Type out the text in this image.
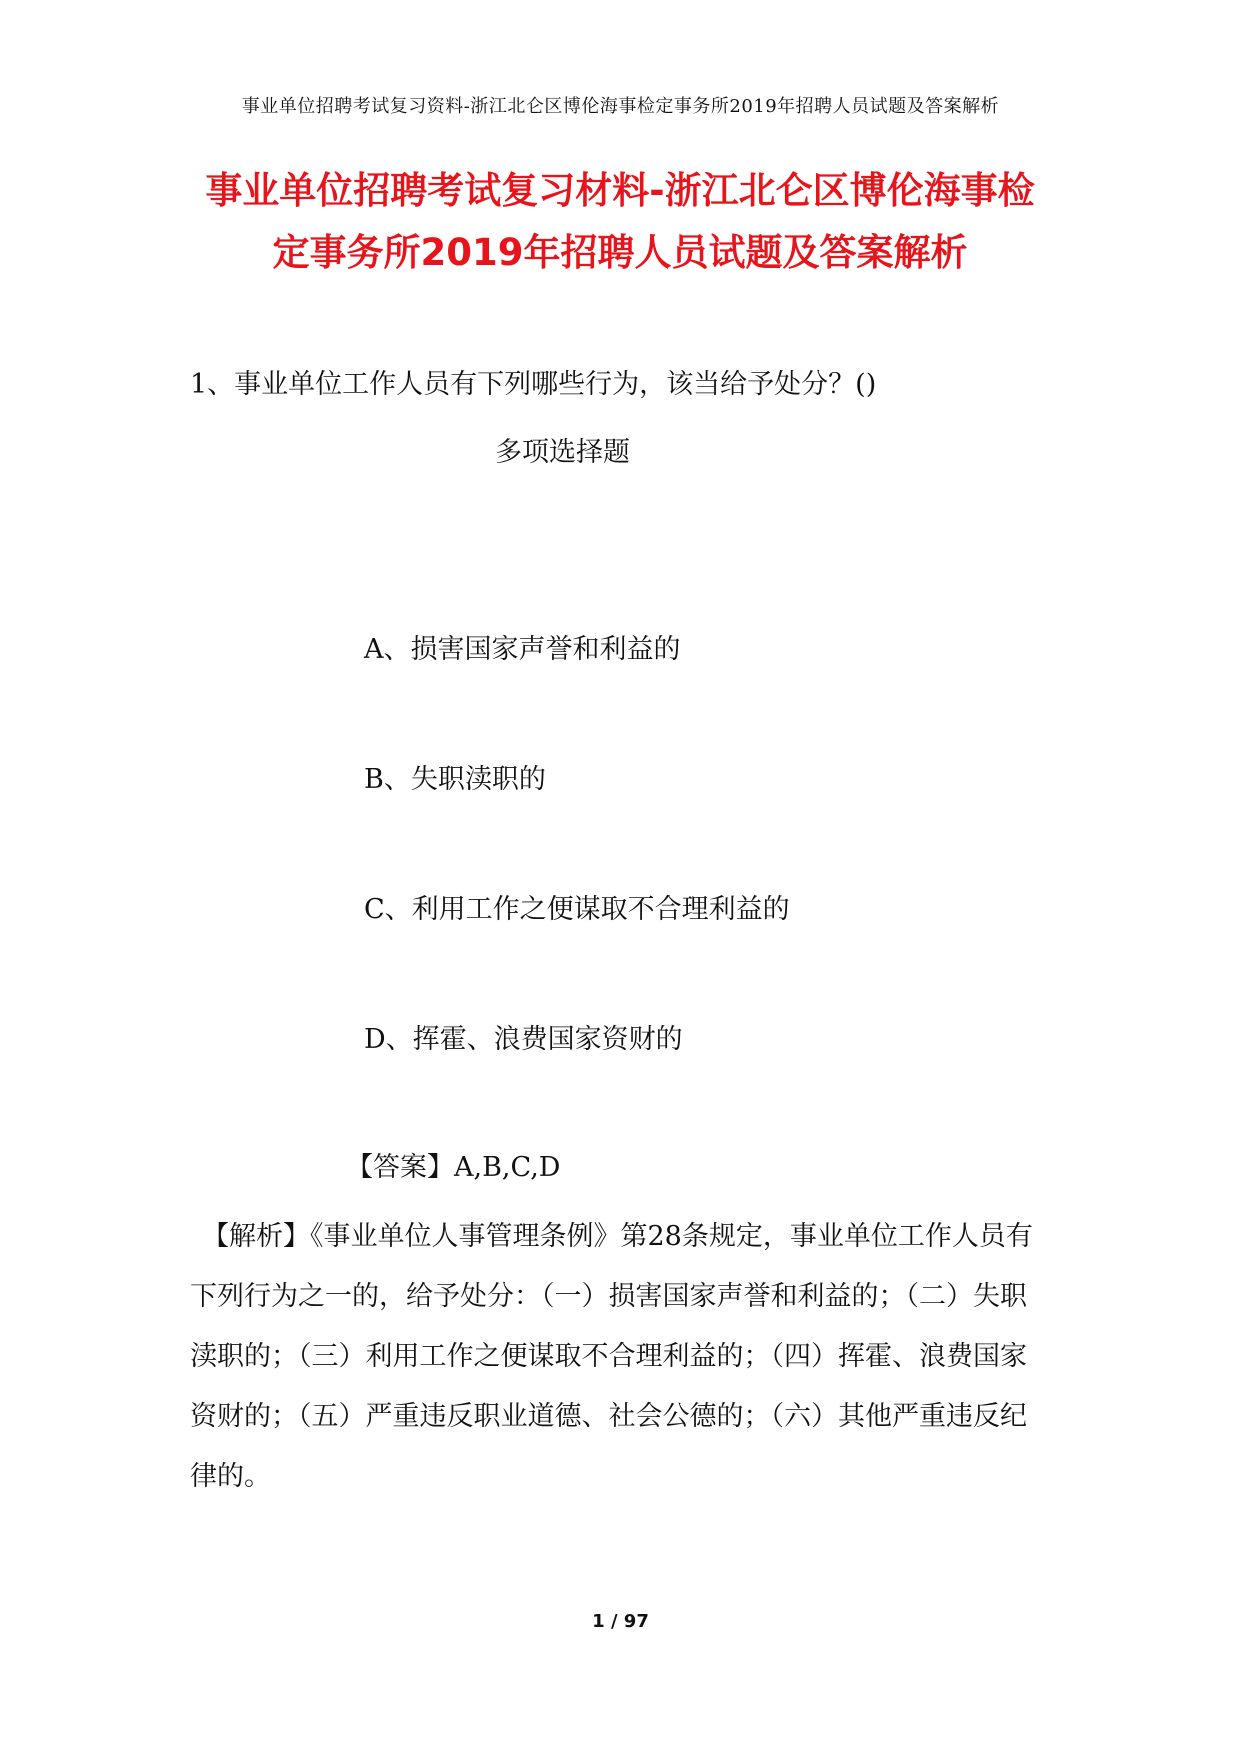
事业单位招聘考试复习资料-浙江北仑区博伦海事检定事务所2019年招聘人员试题及答案解析
事业单位招聘考试复习材料-浙江北仑区博伦海事检
定事务所2019年招聘人员试题及答案解析
1、事业单位工作人员有下列哪些行为，该当给予处分？()
多项选择题
A、损害国家声誉和利益的
B、失职渎职的
C、利用工作之便谋取不合理利益的
D、挥霍、浪费国家资财的
【答案】A,B,C,D
【解析】《事业单位人事管理条例》第28条规定，事业单位工作人员有下列行为之一的，给予处分：（一）损害国家声誉和利益的；（二）失职渎职的；（三）利用工作之便谋取不合理利益的；（四）挥霍、浪费国家资财的；（五）严重违反职业道德、社会公德的；（六）其他严重违反纪律的。
1 / 97
